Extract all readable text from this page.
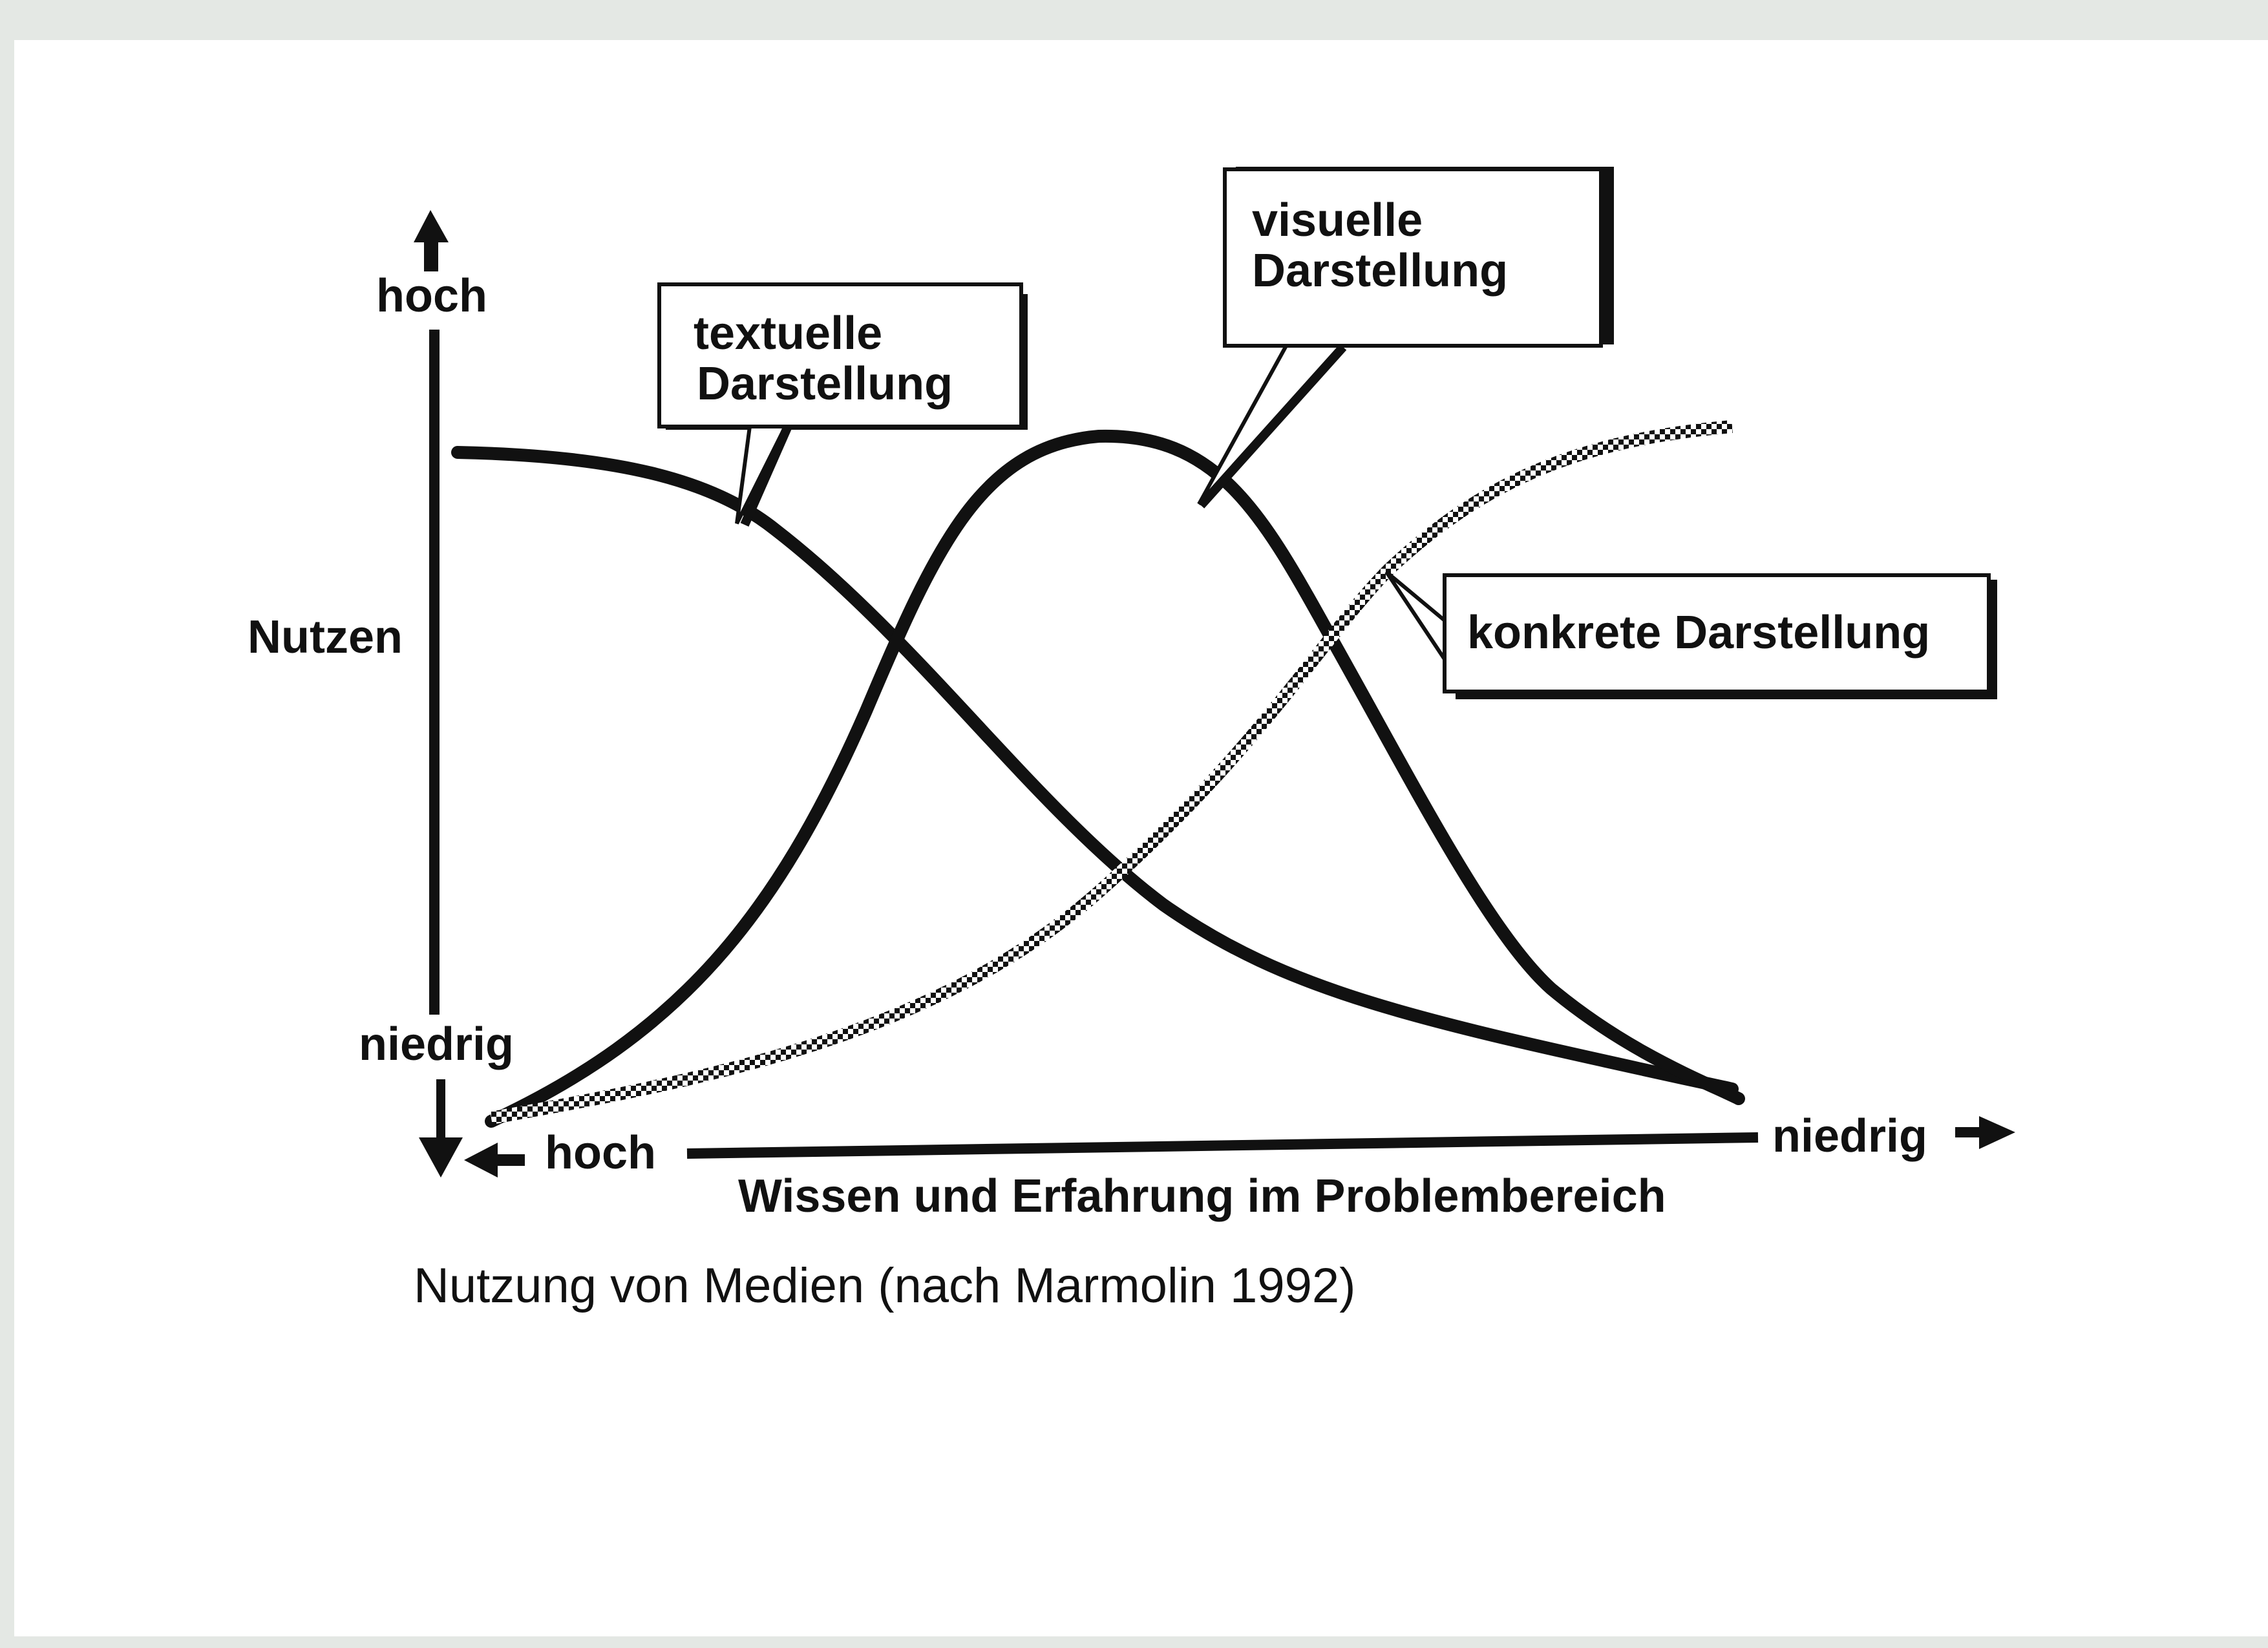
hoch
Nutzen
niedrig
hoch	niedrig
Wissen und Erfahrung im Problembereich
textuelle
Darstellung
visuelle
Darstellung
konkrete Darstellung
Nutzung von Medien (nach Marmolin 1992)
